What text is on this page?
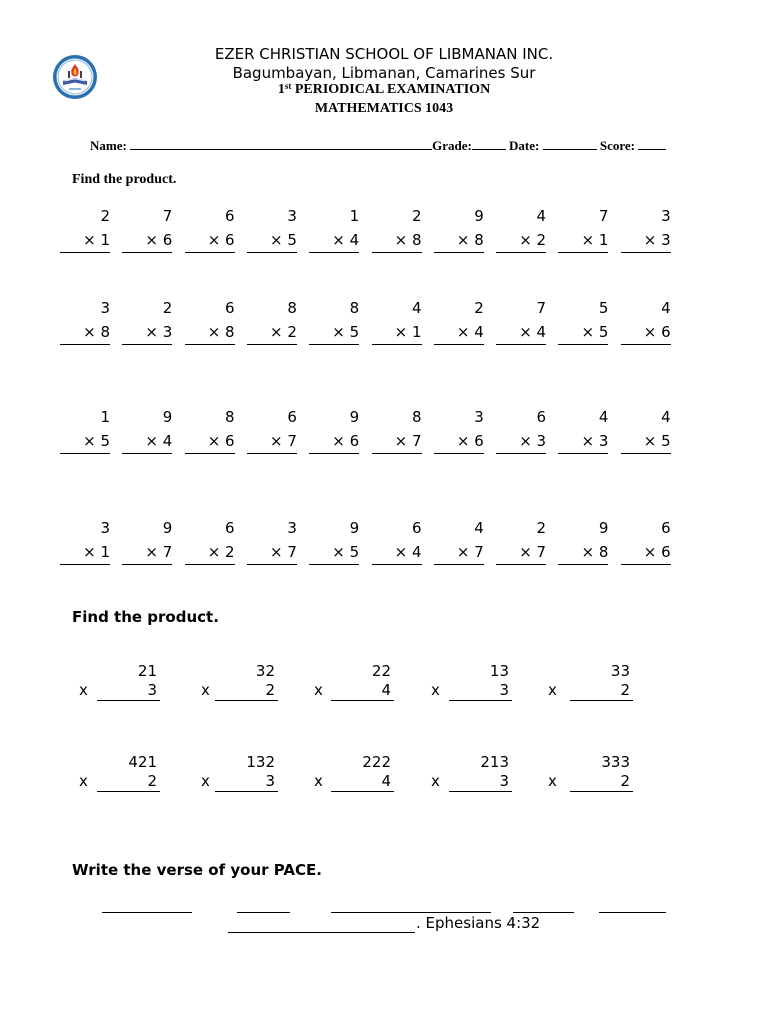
EZER CHRISTIAN SCHOOL OF LIBMANAN INC.
Bagumbayan, Libmanan, Camarines Sur
1st PERIODICAL EXAMINATION
MATHEMATICS 1043
Name:	Grade:	Date:	Score:
Find the product.
2
× 1
7
× 6
6
× 6
3
× 5
1
× 4
2
× 8
9
× 8
4
× 2
7
× 1
3
× 3
3
× 8
2
× 3
6
× 8
8
× 2
8
× 5
4
× 1
2
× 4
7
× 4
5
× 5
4
× 6
1
× 5
9
× 4
8
× 6
6
× 7
9
× 6
8
× 7
3
× 6
6
× 3
4
× 3
4
× 5
3
× 1
9
× 7
6
× 2
3
× 7
9
× 5
6
× 4
4
× 7
2
× 7
9
× 8
6
× 6
Find the product.
x
21
3	x
32
2	x
22
4	x
13
3	x
33
2
x
421
2	x
132
3	x
222
4	x
213
3	x
333
2
Write the verse of your PACE.
. Ephesians 4:32
